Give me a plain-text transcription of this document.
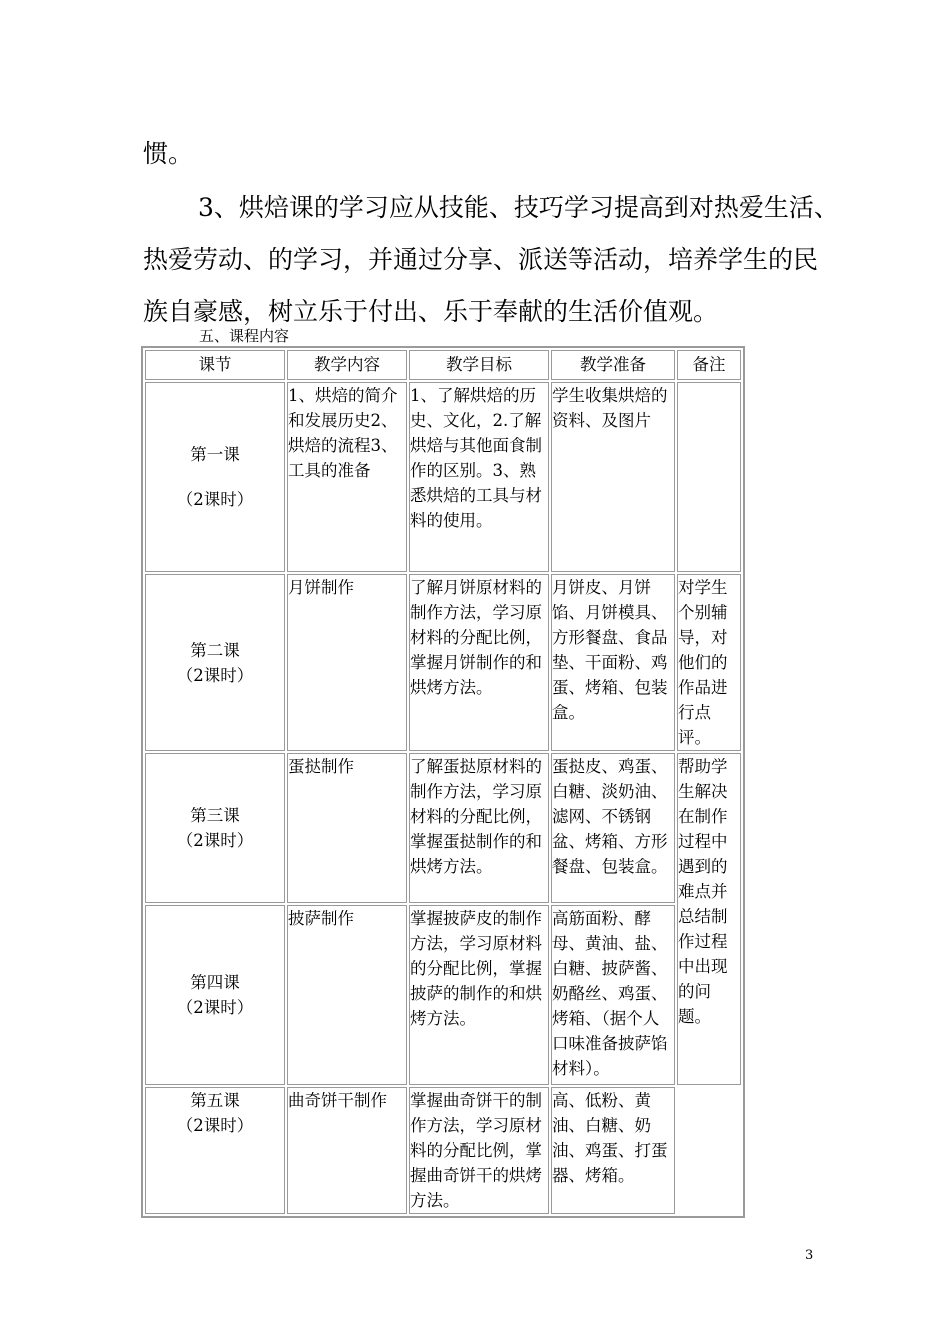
惯。

3、烘焙课的学习应从技能、技巧学习提高到对热爱生活、
热爱劳动、的学习，并通过分享、派送等活动，培养学生的民
族自豪感，树立乐于付出、乐于奉献的生活价值观。

五、课程内容
课节	教学内容	教学目标	教学准备	备注

第一课
（2课时）	1、烘焙的简介和发展历史2、烘焙的流程3、工具的准备	1、了解烘焙的历史、文化，2.了解烘焙与其他面食制作的区别。3、熟悉烘焙的工具与材料的使用。	学生收集烘焙的资料、及图片	

第二课
（2课时）	月饼制作	了解月饼原材料的制作方法，学习原材料的分配比例，掌握月饼制作的和烘烤方法。	月饼皮、月饼馅、月饼模具、方形餐盘、食品垫、干面粉、鸡蛋、烤箱、包装盒。	对学生个别辅导，对他们的作品进行点评。

第三课
（2课时）	蛋挞制作	了解蛋挞原材料的制作方法，学习原材料的分配比例，掌握蛋挞制作的和烘烤方法。	蛋挞皮、鸡蛋、白糖、淡奶油、滤网、不锈钢盆、烤箱、方形餐盘、包装盒。	帮助学生解决在制作过程中遇到的难点并总结制作过程中出现的问题。

第四课
（2课时）	披萨制作	掌握披萨皮的制作方法，学习原材料的分配比例，掌握披萨的制作的和烘烤方法。	高筋面粉、酵母、黄油、盐、白糖、披萨酱、奶酪丝、鸡蛋、烤箱、（据个人口味准备披萨馅材料）。	

第五课
（2课时）	曲奇饼干制作	掌握曲奇饼干的制作方法，学习原材料的分配比例，掌握曲奇饼干的烘烤方法。	高、低粉、黄油、白糖、奶油、鸡蛋、打蛋器、烤箱。	
3
